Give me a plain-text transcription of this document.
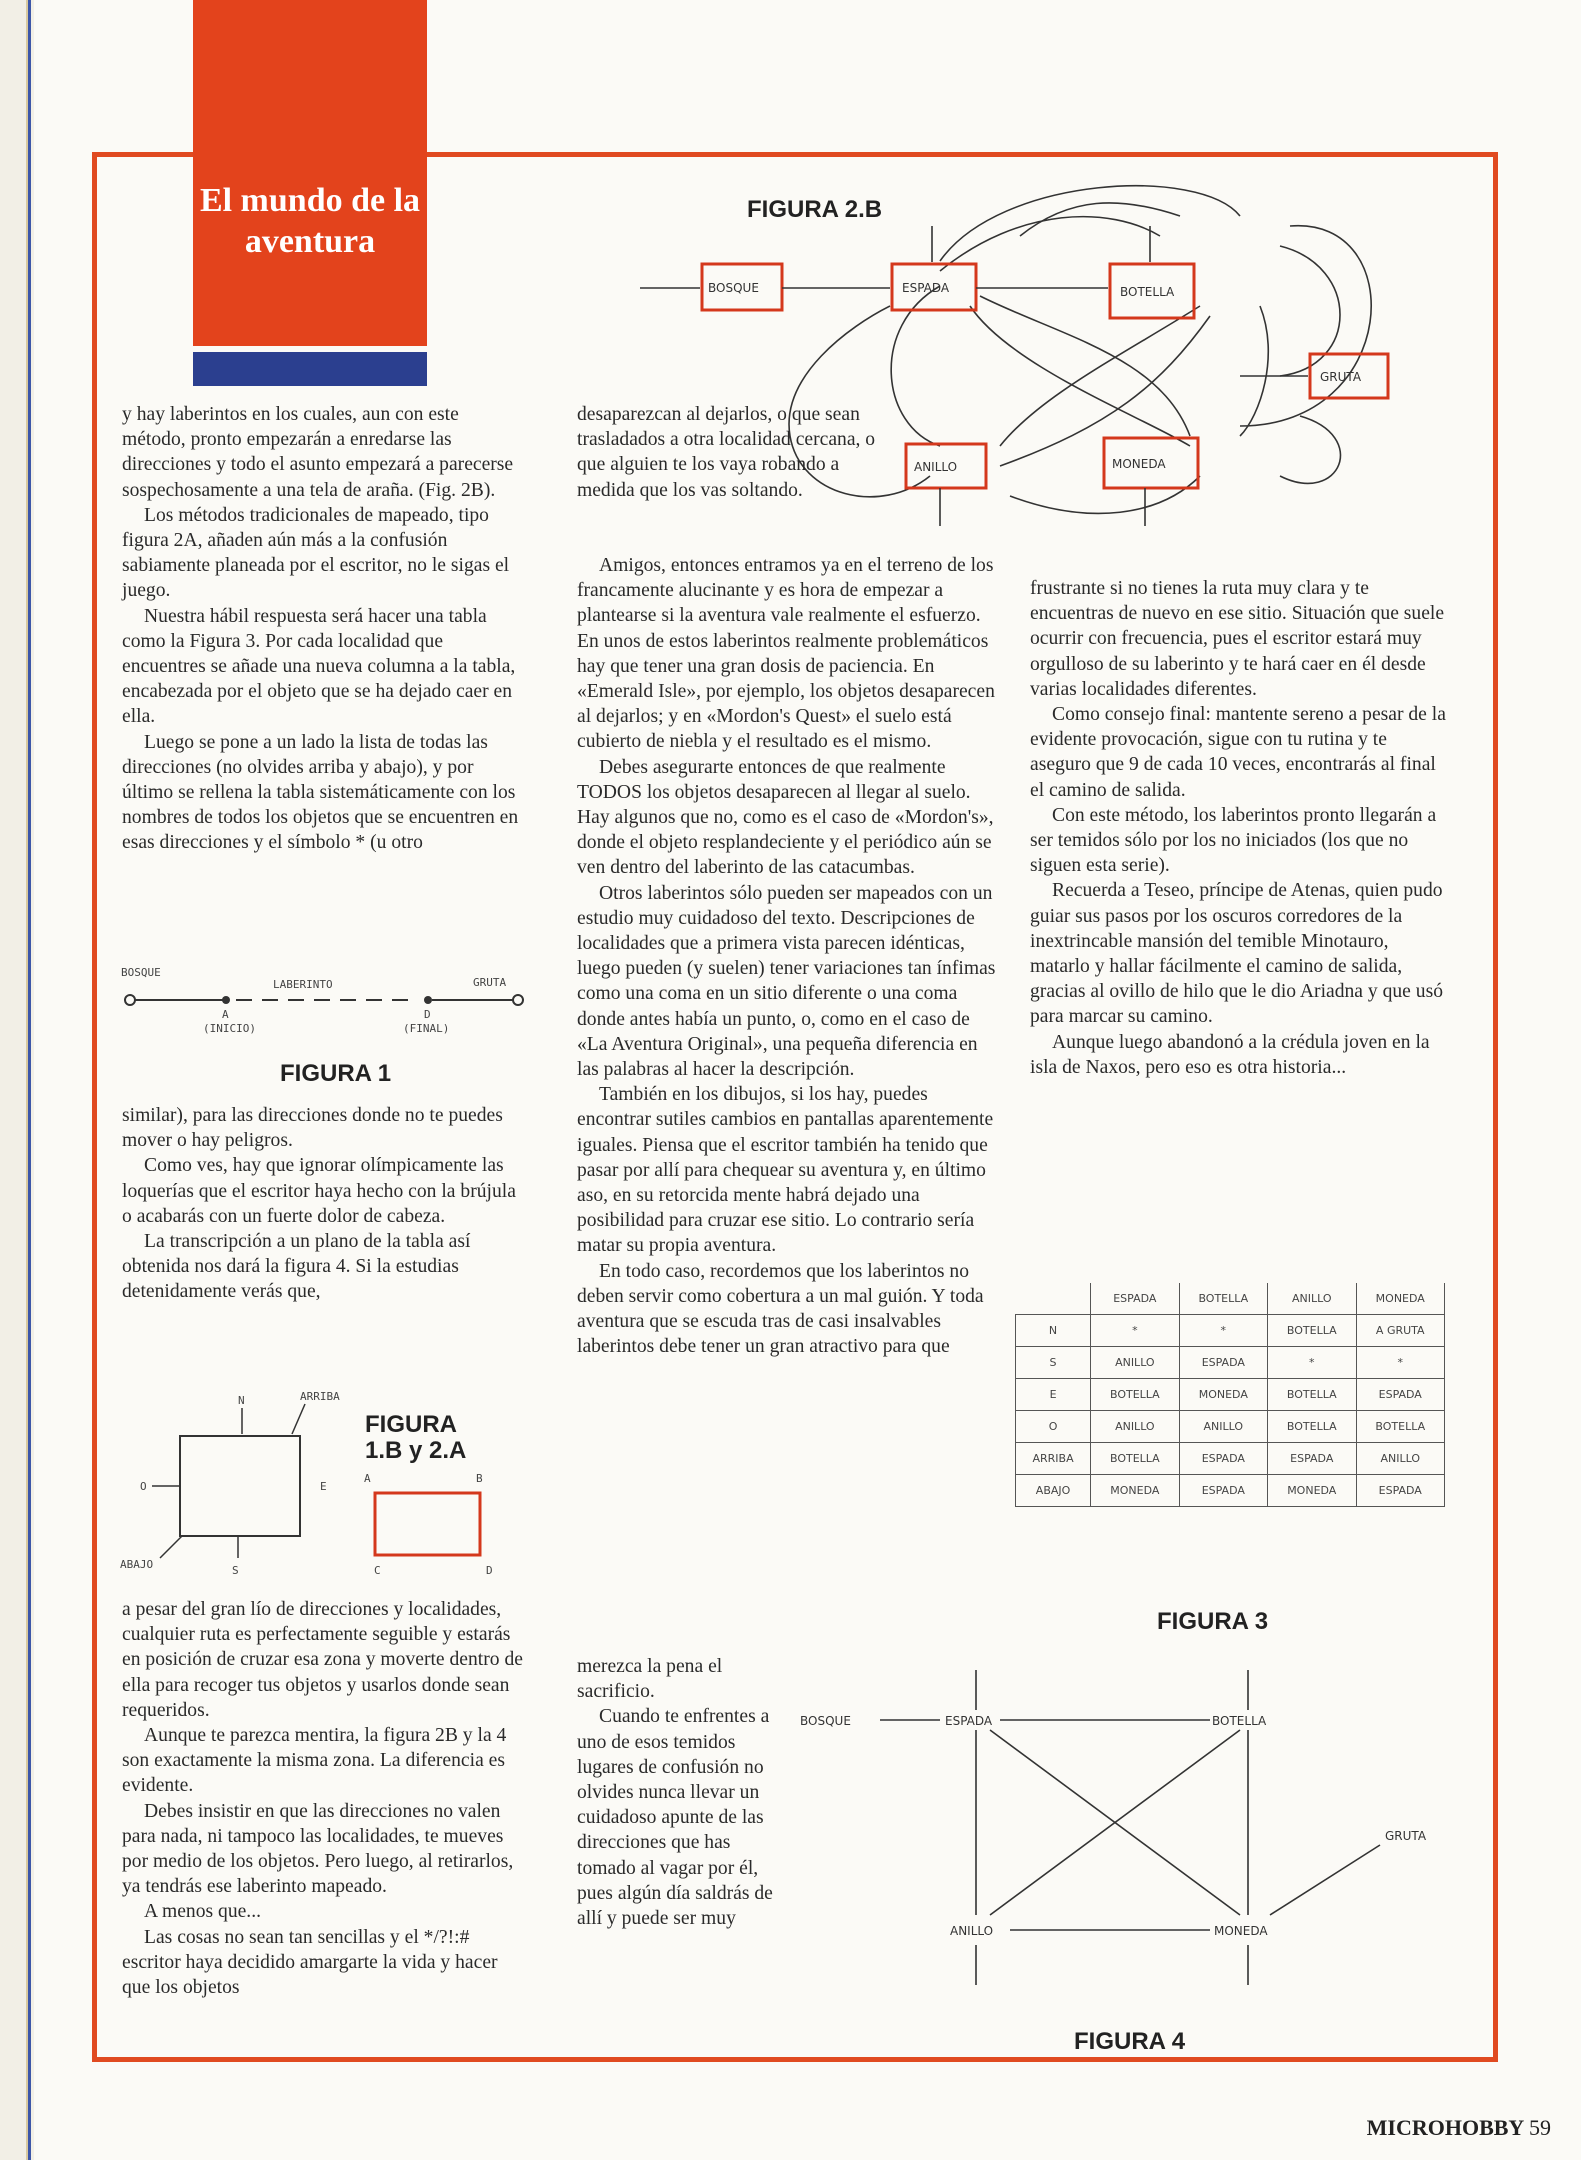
El mundo de la aventura

y hay laberintos en los cuales, aun con este método, pronto empezarán a enredarse las direcciones y todo el asunto empezará a parecerse sospechosamente a una tela de araña. (Fig. 2B).

Los métodos tradicionales de mapeado, tipo figura 2A, añaden aún más a la confusión sabiamente planeada por el escritor, no le sigas el juego.

Nuestra hábil respuesta será hacer una tabla como la Figura 3. Por cada localidad que encuentres se añade una nueva columna a la tabla, encabezada por el objeto que se ha dejado caer en ella.

Luego se pone a un lado la lista de todas las direcciones (no olvides arriba y abajo), y por último se rellena la tabla sistemáticamente con los nombres de todos los objetos que se encuentren en esas direcciones y el símbolo * (u otro

BOSQUE
LABERINTO	GRUTA
A
(INICIO)
D
(FINAL)
FIGURA 1

similar), para las direcciones donde no te puedes mover o hay peligros.

Como ves, hay que ignorar olímpicamente las loquerías que el escritor haya hecho con la brújula o acabarás con un fuerte dolor de cabeza.

La transcripción a un plano de la tabla así obtenida nos dará la figura 4. Si la estudias detenidamente verás que,

N	ARRIBA
O	E
S
ABAJO
A	B
C	D
FIGURA
1.B y 2.A

a pesar del gran lío de direcciones y localidades, cualquier ruta es perfectamente seguible y estarás en posición de cruzar esa zona y moverte dentro de ella para recoger tus objetos y usarlos donde sean requeridos.

Aunque te parezca mentira, la figura 2B y la 4 son exactamente la misma zona. La diferencia es evidente.

Debes insistir en que las direcciones no valen para nada, ni tampoco las localidades, te mueves por medio de los objetos. Pero luego, al retirarlos, ya tendrás ese laberinto mapeado.

A menos que...

Las cosas no sean tan sencillas y el */?!:# escritor haya decidido amargarte la vida y hacer que los objetos

FIGURA 2.B
BOSQUE	ESPADA	BOTELLA
GRUTA
ANILLO	MONEDA

desaparezcan al dejarlos, o que sean trasladados a otra localidad cercana, o que alguien te los vaya robando a medida que los vas soltando.

Amigos, entonces entramos ya en el terreno de los francamente alucinante y es hora de empezar a plantearse si la aventura vale realmente el esfuerzo. En unos de estos laberintos realmente problemáticos hay que tener una gran dosis de paciencia. En «Emerald Isle», por ejemplo, los objetos desaparecen al dejarlos; y en «Mordon's Quest» el suelo está cubierto de niebla y el resultado es el mismo.

Debes asegurarte entonces de que realmente TODOS los objetos desaparecen al llegar al suelo. Hay algunos que no, como es el caso de «Mordon's», donde el objeto resplandeciente y el periódico aún se ven dentro del laberinto de las catacumbas.

Otros laberintos sólo pueden ser mapeados con un estudio muy cuidadoso del texto. Descripciones de localidades que a primera vista parecen idénticas, luego pueden (y suelen) tener variaciones tan ínfimas como una coma en un sitio diferente o una coma donde antes había un punto, o, como en el caso de «La Aventura Original», una pequeña diferencia en las palabras al hacer la descripción.

También en los dibujos, si los hay, puedes encontrar sutiles cambios en pantallas aparentemente iguales. Piensa que el escritor también ha tenido que pasar por allí para chequear su aventura y, en último aso, en su retorcida mente habrá dejado una posibilidad para cruzar ese sitio. Lo contrario sería matar su propia aventura.

En todo caso, recordemos que los laberintos no deben servir como cobertura a un mal guión. Y toda aventura que se escuda tras de casi insalvables laberintos debe tener un gran atractivo para que

merezca la pena el sacrificio.

Cuando te enfrentes a uno de esos temidos lugares de confusión no olvides nunca llevar un cuidadoso apunte de las direcciones que has tomado al vagar por él, pues algún día saldrás de allí y puede ser muy

frustrante si no tienes la ruta muy clara y te encuentras de nuevo en ese sitio. Situación que suele ocurrir con frecuencia, pues el escritor estará muy orgulloso de su laberinto y te hará caer en él desde varias localidades diferentes.

Como consejo final: mantente sereno a pesar de la evidente provocación, sigue con tu rutina y te aseguro que 9 de cada 10 veces, encontrarás al final el camino de salida.

Con este método, los laberintos pronto llegarán a ser temidos sólo por los no iniciados (los que no siguen esta serie).

Recuerda a Teseo, príncipe de Atenas, quien pudo guiar sus pasos por los oscuros corredores de la inextrincable mansión del temible Minotauro, matarlo y hallar fácilmente el camino de salida, gracias al ovillo de hilo que le dio Ariadna y que usó para marcar su camino.

Aunque luego abandonó a la crédula joven en la isla de Naxos, pero eso es otra historia...

	ESPADA	BOTELLA	ANILLO	MONEDA
N	*	*	BOTELLA	A GRUTA
S	ANILLO	ESPADA	*	*
E	BOTELLA	MONEDA	BOTELLA	ESPADA
O	ANILLO	ANILLO	BOTELLA	BOTELLA
ARRIBA	BOTELLA	ESPADA	ESPADA	ANILLO
ABAJO	MONEDA	ESPADA	MONEDA	ESPADA
FIGURA 3
BOSQUE	ESPADA	BOTELLA
GRUTA
ANILLO	MONEDA
FIGURA 4
MICROHOBBY 59
